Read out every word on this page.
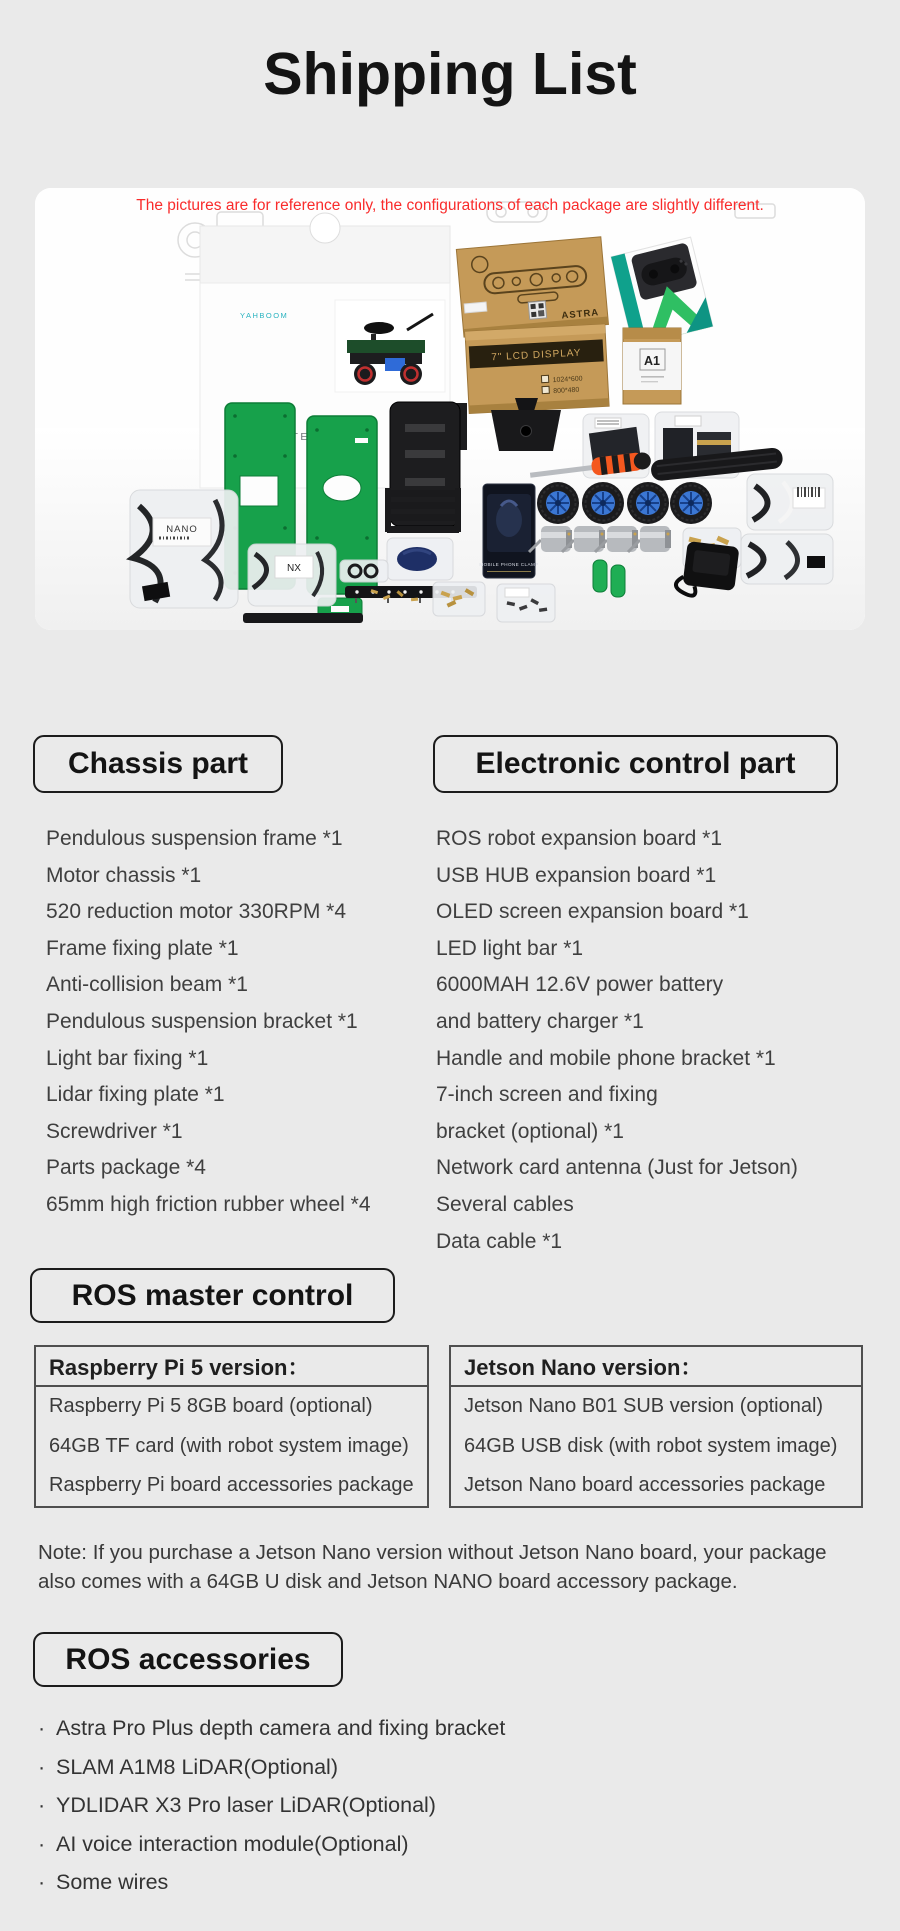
Shipping List
YAHBOOM	ASTRA
7" LCD DISPLAY
1024*600
800*480
A1
NANO
NX	MOBILE PHONE CLAMP
The pictures are for reference only, the configurations of each package are slightly different.
Chassis part	Electronic control part
Pendulous suspension frame *1
Motor chassis *1
520 reduction motor 330RPM *4
Frame fixing plate *1
Anti-collision beam *1
Pendulous suspension bracket *1
Light bar fixing *1
Lidar fixing plate *1
Screwdriver *1
Parts package *4
65mm high friction rubber wheel *4
ROS robot expansion board *1
USB HUB expansion board *1
OLED screen expansion board *1
LED light bar *1
6000MAH 12.6V power battery
and battery charger *1
Handle and mobile phone bracket *1
7-inch screen and fixing
bracket (optional) *1
Network card antenna (Just for Jetson)
Several cables
Data cable *1
ROS master control
Raspberry Pi 5 version：
Raspberry Pi 5 8GB board (optional)
64GB TF card (with robot system image)
Raspberry Pi board accessories package
Jetson Nano version：
Jetson Nano B01 SUB version (optional)
64GB USB disk (with robot system image)
Jetson Nano board accessories package
Note: If you purchase a Jetson Nano version without Jetson Nano board, your package
also comes with a 64GB U disk and Jetson NANO board accessory package.
ROS accessories
· Astra Pro Plus depth camera and fixing bracket
· SLAM A1M8 LiDAR(Optional)
· YDLIDAR X3 Pro laser LiDAR(Optional)
· AI voice interaction module(Optional)
· Some wires
